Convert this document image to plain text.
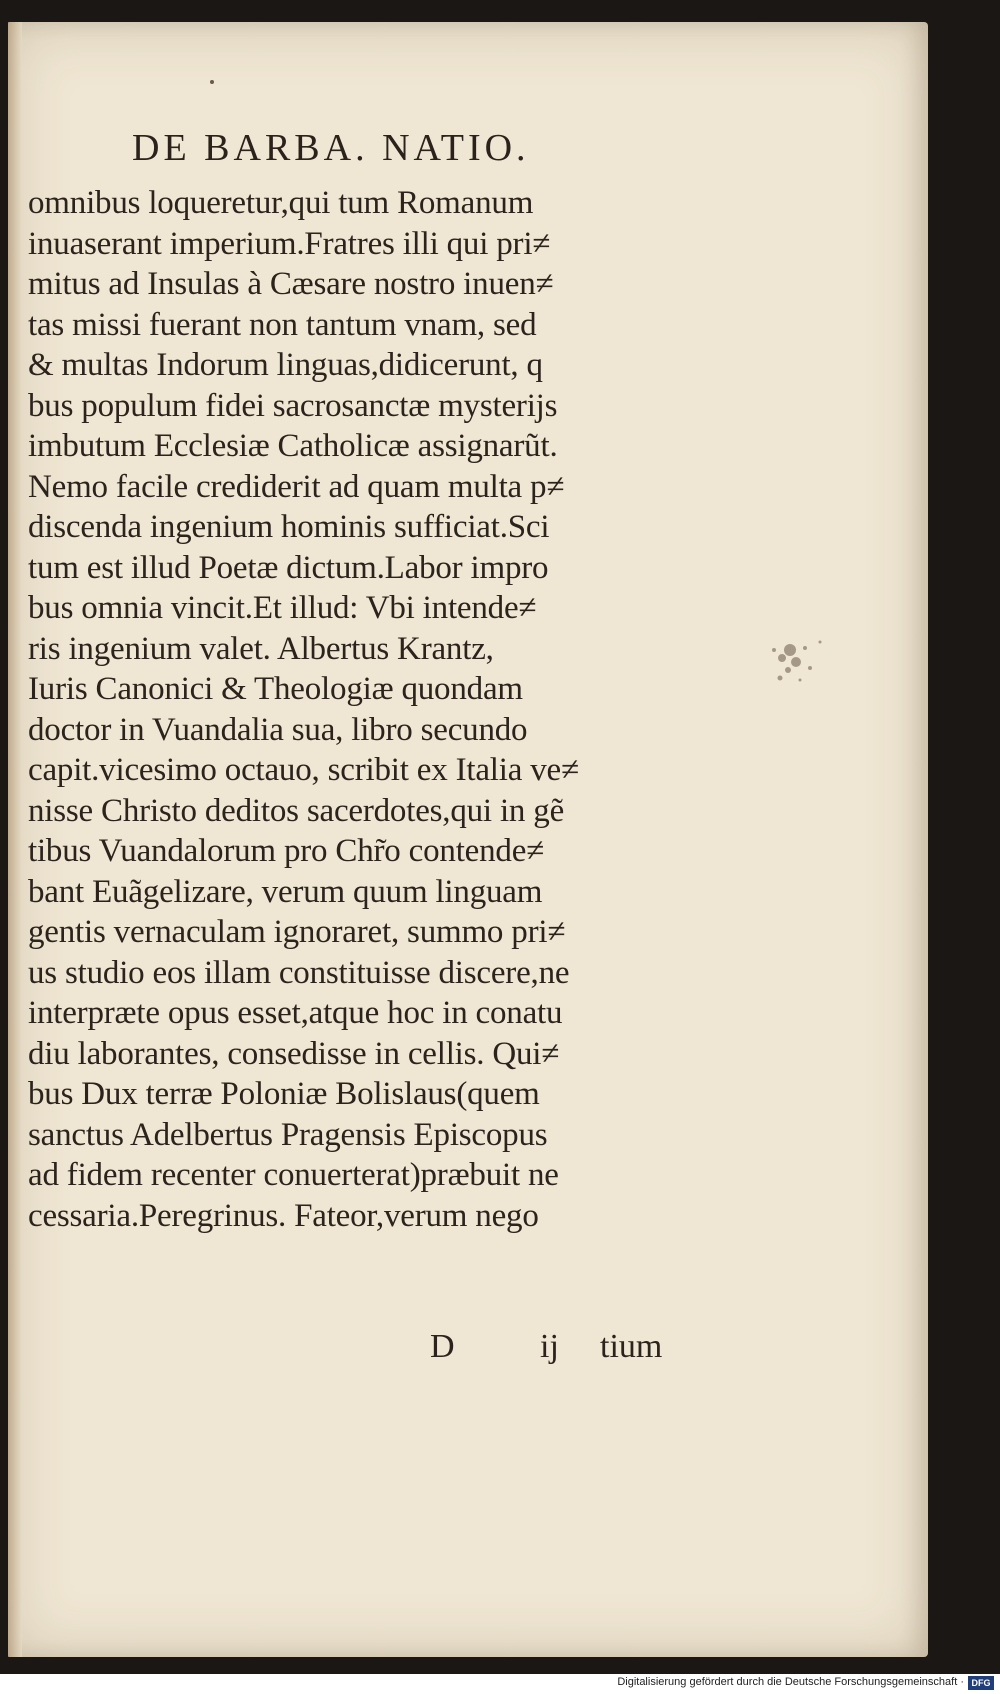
DE BARBA. NATIO.
omnibus loqueretur,qui tum Romanum
inuaserant imperium.Fratres illi qui pri≠
mitus ad Insulas à Cæsare nostro inuen≠
tas missi fuerant non tantum vnam, sed
& multas Indorum linguas,didicerunt, q
bus populum fidei sacrosanctæ mysterijs
imbutum Ecclesiæ Catholicæ assignarũt.
Nemo facile crediderit ad quam multa p≠
discenda ingenium hominis sufficiat.Sci
tum est illud Poetæ dictum.Labor impro
bus omnia vincit.Et illud: Vbi intende≠
ris ingenium valet. Albertus Krantz,
Iuris Canonici & Theologiæ quondam
doctor in Vuandalia sua, libro secundo
capit.vicesimo octauo, scribit ex Italia ve≠
nisse Christo deditos sacerdotes,qui in gẽ
tibus Vuandalorum pro Chr̃o contende≠
bant Euãgelizare, verum quum linguam
gentis vernaculam ignoraret, summo pri≠
us studio eos illam constituisse discere,ne
interpræte opus esset,atque hoc in conatu
diu laborantes, consedisse in cellis. Qui≠
bus Dux terræ Poloniæ Bolislaus(quem
sanctus Adelbertus Pragensis Episcopus
ad fidem recenter conuerterat)præbuit ne
cessaria.Peregrinus. Fateor,verum nego
D	ij tium
Digitalisierung gefördert durch die Deutsche Forschungsgemeinschaft · DFG
